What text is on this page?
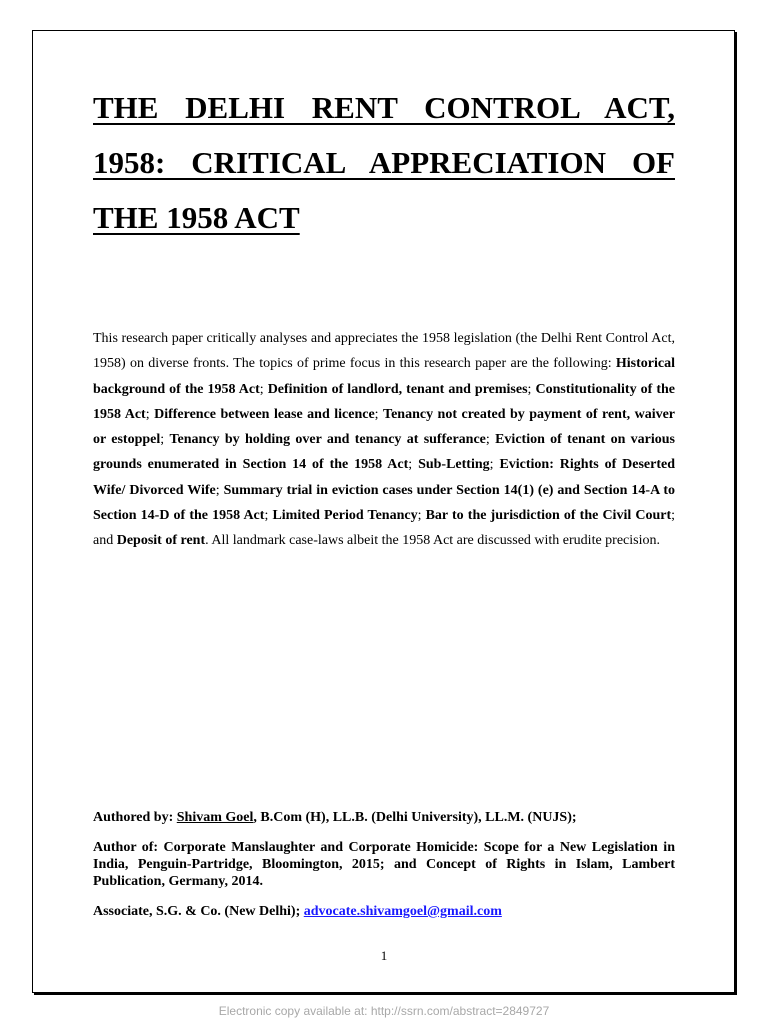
THE DELHI RENT CONTROL ACT,
1958: CRITICAL APPRECIATION OF
THE 1958 ACT

This research paper critically analyses and appreciates the 1958 legislation (the Delhi Rent Control Act, 1958) on diverse fronts. The topics of prime focus in this research paper are the following: Historical background of the 1958 Act; Definition of landlord, tenant and premises; Constitutionality of the 1958 Act; Difference between lease and licence; Tenancy not created by payment of rent, waiver or estoppel; Tenancy by holding over and tenancy at sufferance; Eviction of tenant on various grounds enumerated in Section 14 of the 1958 Act; Sub-Letting; Eviction: Rights of Deserted Wife/ Divorced Wife; Summary trial in eviction cases under Section 14(1) (e) and Section 14-A to Section 14-D of the 1958 Act; Limited Period Tenancy; Bar to the jurisdiction of the Civil Court; and Deposit of rent. All landmark case-laws albeit the 1958 Act are discussed with erudite precision.

Authored by: Shivam Goel, B.Com (H), LL.B. (Delhi University), LL.M. (NUJS);

Author of: Corporate Manslaughter and Corporate Homicide: Scope for a New Legislation in India, Penguin-Partridge, Bloomington, 2015; and Concept of Rights in Islam, Lambert Publication, Germany, 2014.

Associate, S.G. & Co. (New Delhi); advocate.shivamgoel@gmail.com

1
Electronic copy available at: http://ssrn.com/abstract=2849727
